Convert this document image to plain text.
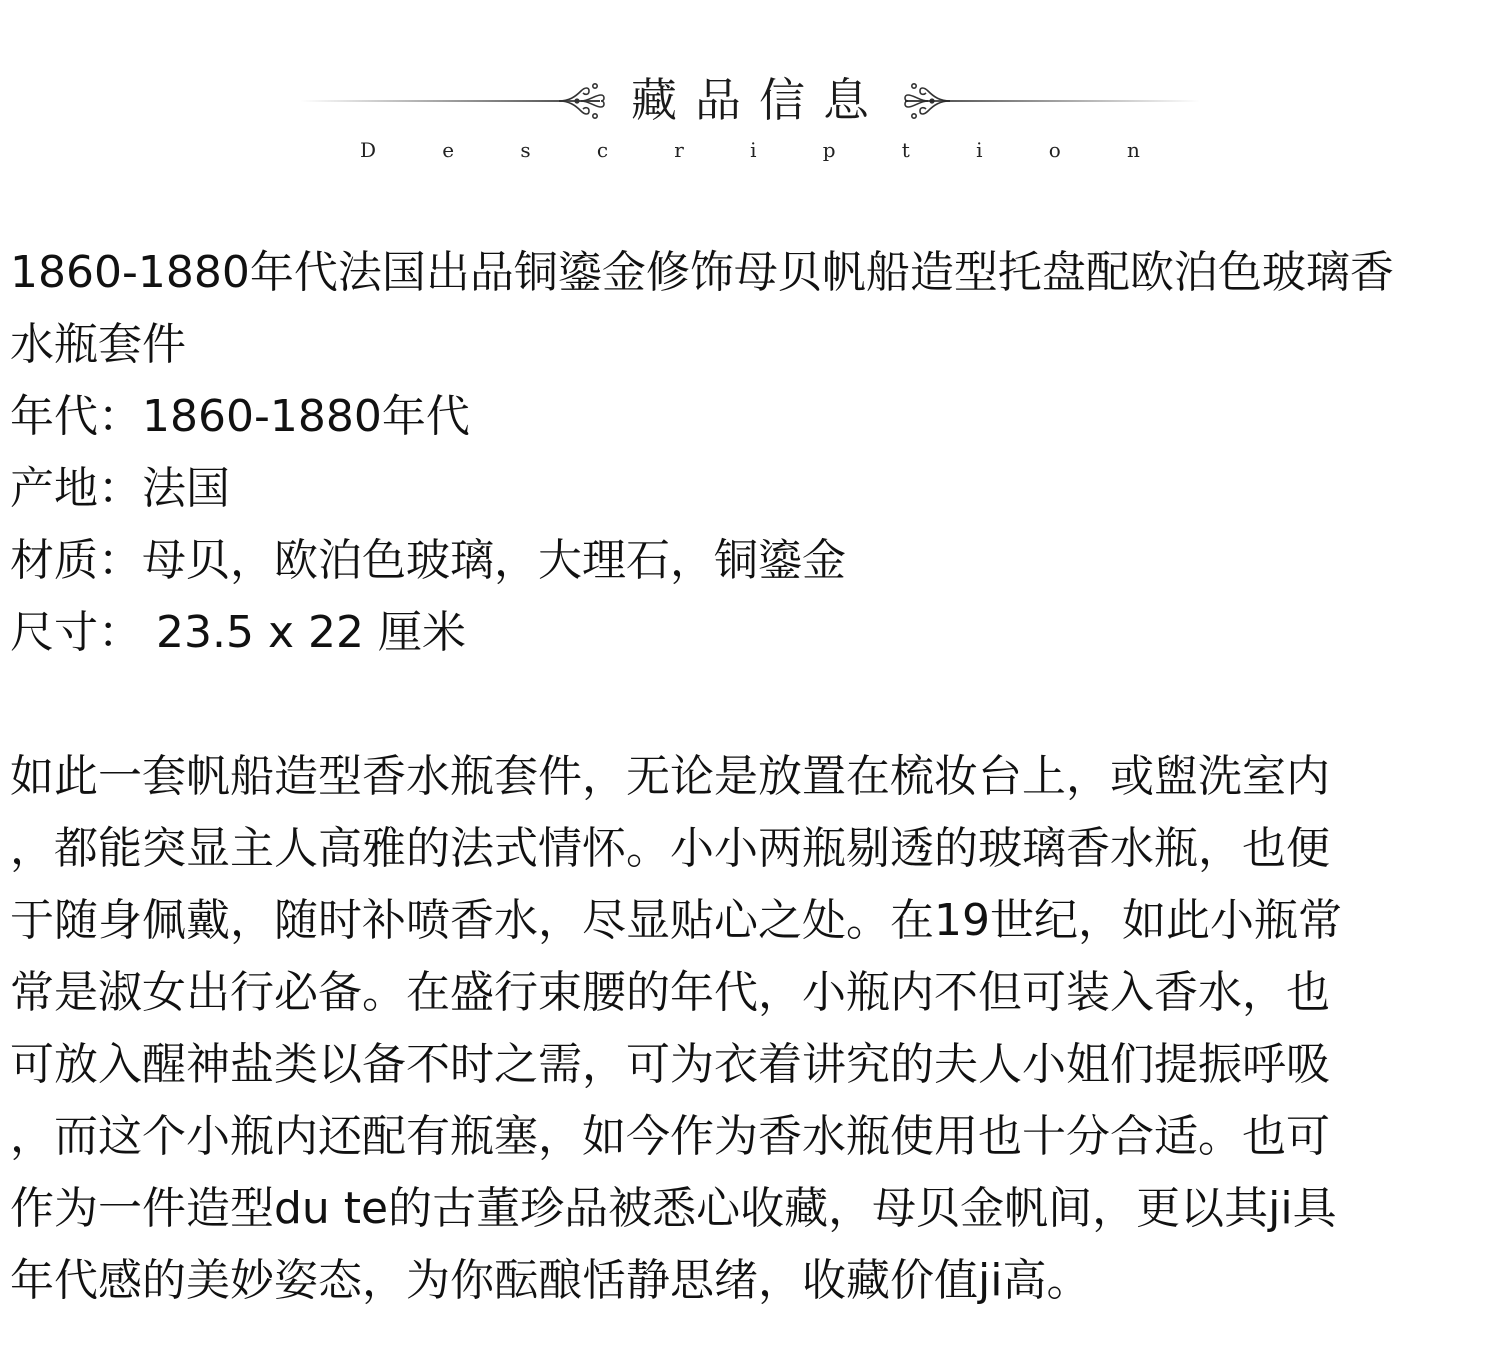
藏品信息
D	e	s	c	r	i	p	t	i	o	n

1860-1880年代法国出品铜鎏金修饰母贝帆船造型托盘配欧泊色玻璃香

水瓶套件

年代：1860-1880年代

产地：法国

材质：母贝，欧泊色玻璃，大理石，铜鎏金

尺寸： 23.5 x 22 厘米

如此一套帆船造型香水瓶套件，无论是放置在梳妆台上，或盥洗室内

，都能突显主人高雅的法式情怀。小小两瓶剔透的玻璃香水瓶，也便

于随身佩戴，随时补喷香水，尽显贴心之处。在19世纪，如此小瓶常

常是淑女出行必备。在盛行束腰的年代，小瓶内不但可装入香水，也

可放入醒神盐类以备不时之需，可为衣着讲究的夫人小姐们提振呼吸

，而这个小瓶内还配有瓶塞，如今作为香水瓶使用也十分合适。也可

作为一件造型du te的古董珍品被悉心收藏，母贝金帆间，更以其ji具

年代感的美妙姿态，为你酝酿恬静思绪，收藏价值ji高。
